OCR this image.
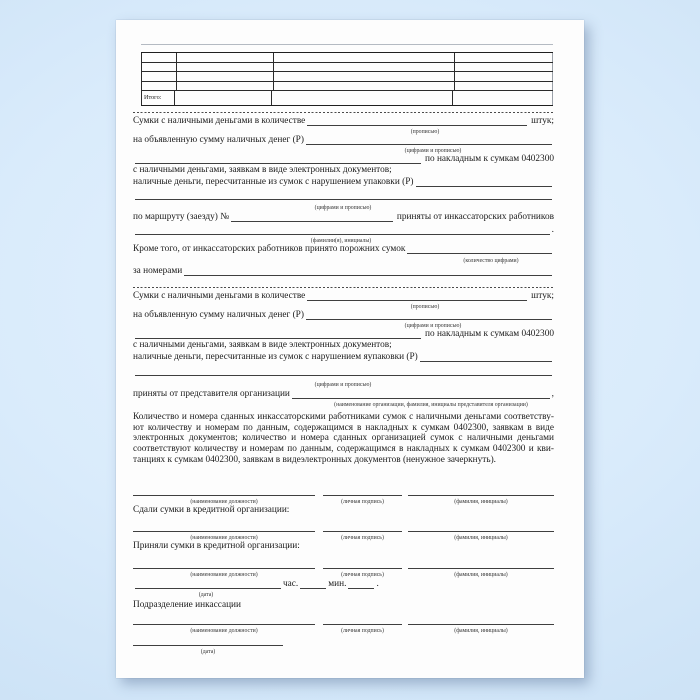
Итого:
Сумки с наличными деньгами в количестве	штук;
(прописью)
на объявленную сумму наличных денег (Р)
(цифрами и прописью)
по накладным к сумкам 0402300
с наличными деньгами, заявкам в виде электронных документов;
наличные деньги, пересчитанные из сумок с нарушением упаковки (Р)
(цифрами и прописью)
по маршруту (заезду) №	приняты от инкассаторских работников
.
(фамилии(я), инициалы)
Кроме того, от инкассаторских работников принято порожних сумок
(количество цифрами)
за номерами
Сумки с наличными деньгами в количестве	штук;
(прописью)
на объявленную сумму наличных денег (Р)
(цифрами и прописью)
по накладным к сумкам 0402300
с наличными деньгами, заявкам в виде электронных документов;
наличные деньги, пересчитанные из сумок с нарушением яупаковки (Р)
(цифрами и прописью)
приняты от представителя организации	,
(наименование организации, фамилия, инициалы представителя организации)
Количество и номера сданных инкассаторскими работниками сумок с наличными деньгами соответству-
ют количеству и номерам по данным, содержащимся в накладных к сумкам 0402300, заявкам в виде
электронных документов; количество и номера сданных организацией сумок с наличными деньгами
соответствуют количеству и номерам по данным, содержащимся в накладных к сумкам 0402300 и кви-
танциях к сумкам 0402300, заявкам в видеэлектронных документов (ненужное зачеркнуть).
(наименование должности)	(личная подпись)	(фамилия, инициалы)
Сдали сумки в кредитной организации:
(наименование должности)	(личная подпись)	(фамилия, инициалы)
Приняли сумки в кредитной организации:
(наименование должности)	(личная подпись)	(фамилия, инициалы)
час.	мин.	.
(дата)
Подразделение инкассации
(наименование должности)	(личная подпись)	(фамилия, инициалы)
(дата)
